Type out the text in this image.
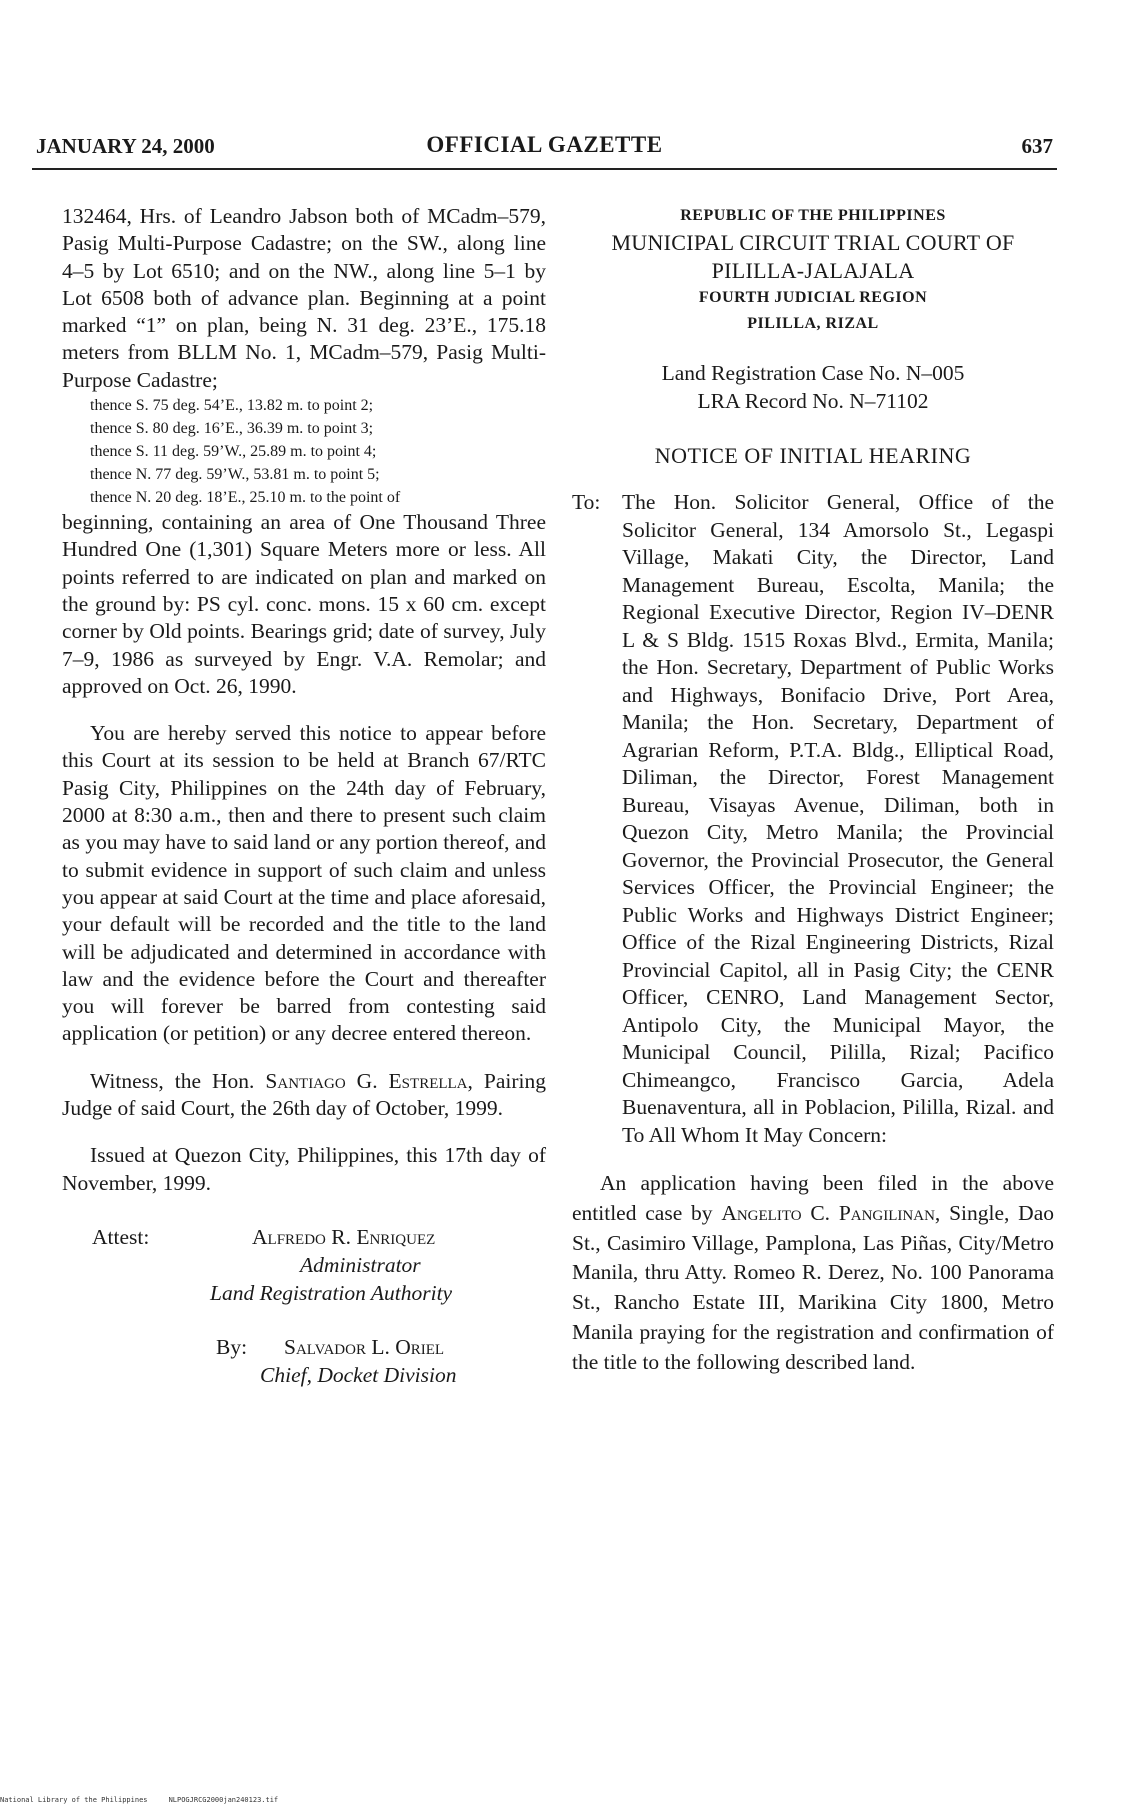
JANUARY 24, 2000	OFFICIAL GAZETTE	637

132464, Hrs. of Leandro Jabson both of MCadm–579, Pasig Multi-Purpose Cadastre; on the SW., along line 4–5 by Lot 6510; and on the NW., along line 5–1 by Lot 6508 both of advance plan. Beginning at a point marked “1” on plan, being N. 31 deg. 23’E., 175.18 meters from BLLM No. 1, MCadm–579, Pasig Multi-Purpose Cadastre;

thence S. 75 deg. 54’E., 13.82 m. to point 2;

thence S. 80 deg. 16’E., 36.39 m. to point 3;

thence S. 11 deg. 59’W., 25.89 m. to point 4;

thence N. 77 deg. 59’W., 53.81 m. to point 5;

thence N. 20 deg. 18’E., 25.10 m. to the point of

beginning, containing an area of One Thousand Three Hundred One (1,301) Square Meters more or less. All points referred to are indicated on plan and marked on the ground by: PS cyl. conc. mons. 15 x 60 cm. except corner by Old points. Bearings grid; date of survey, July 7–9, 1986 as surveyed by Engr. V.A. Remolar; and approved on Oct. 26, 1990.

You are hereby served this notice to appear before this Court at its session to be held at Branch 67/RTC Pasig City, Philippines on the 24th day of February, 2000 at 8:30 a.m., then and there to present such claim as you may have to said land or any portion thereof, and to submit evidence in support of such claim and unless you appear at said Court at the time and place aforesaid, your default will be recorded and the title to the land will be adjudicated and determined in accordance with law and the evidence before the Court and thereafter you will forever be barred from contesting said application (or petition) or any decree entered thereon.

Witness, the Hon. Santiago G. Estrella, Pairing Judge of said Court, the 26th day of October, 1999.

Issued at Quezon City, Philippines, this 17th day of November, 1999.

Attest:	Alfredo R. Enriquez
Administrator
Land Registration Authority
By: Salvador L. Oriel
Chief, Docket Division
REPUBLIC OF THE PHILIPPINES
MUNICIPAL CIRCUIT TRIAL COURT OF
PILILLA-JALAJALA
FOURTH JUDICIAL REGION
PILILLA, RIZAL
Land Registration Case No. N–005
LRA Record No. N–71102
NOTICE OF INITIAL HEARING
To:	The Hon. Solicitor General, Office of the Solicitor General, 134 Amorsolo St., Legaspi Village, Makati City, the Director, Land Management Bureau, Escolta, Manila; the Regional Executive Director, Region IV–DENR L & S Bldg. 1515 Roxas Blvd., Ermita, Manila; the Hon. Secretary, Department of Public Works and Highways, Bonifacio Drive, Port Area, Manila; the Hon. Secretary, Department of Agrarian Reform, P.T.A. Bldg., Elliptical Road, Diliman, the Director, Forest Management Bureau, Visayas Avenue, Diliman, both in Quezon City, Metro Manila; the Provincial Governor, the Provincial Prosecutor, the General Services Officer, the Provincial Engineer; the Public Works and Highways District Engineer; Office of the Rizal Engineering Districts, Rizal Provincial Capitol, all in Pasig City; the CENR Officer, CENRO, Land Management Sector, Antipolo City, the Municipal Mayor, the Municipal Council, Pililla, Rizal; Pacifico Chimeangco, Francisco Garcia, Adela Buenaventura, all in Poblacion, Pililla, Rizal. and To All Whom It May Concern:

An application having been filed in the above entitled case by Angelito C. Pangilinan, Single, Dao St., Casimiro Village, Pamplona, Las Piñas, City/Metro Manila, thru Atty. Romeo R. Derez, No. 100 Panorama St., Rancho Estate III, Marikina City 1800, Metro Manila praying for the registration and confirmation of the title to the following described land.

National Library of the Philippines     NLPOGJRCG2000jan240123.tif
